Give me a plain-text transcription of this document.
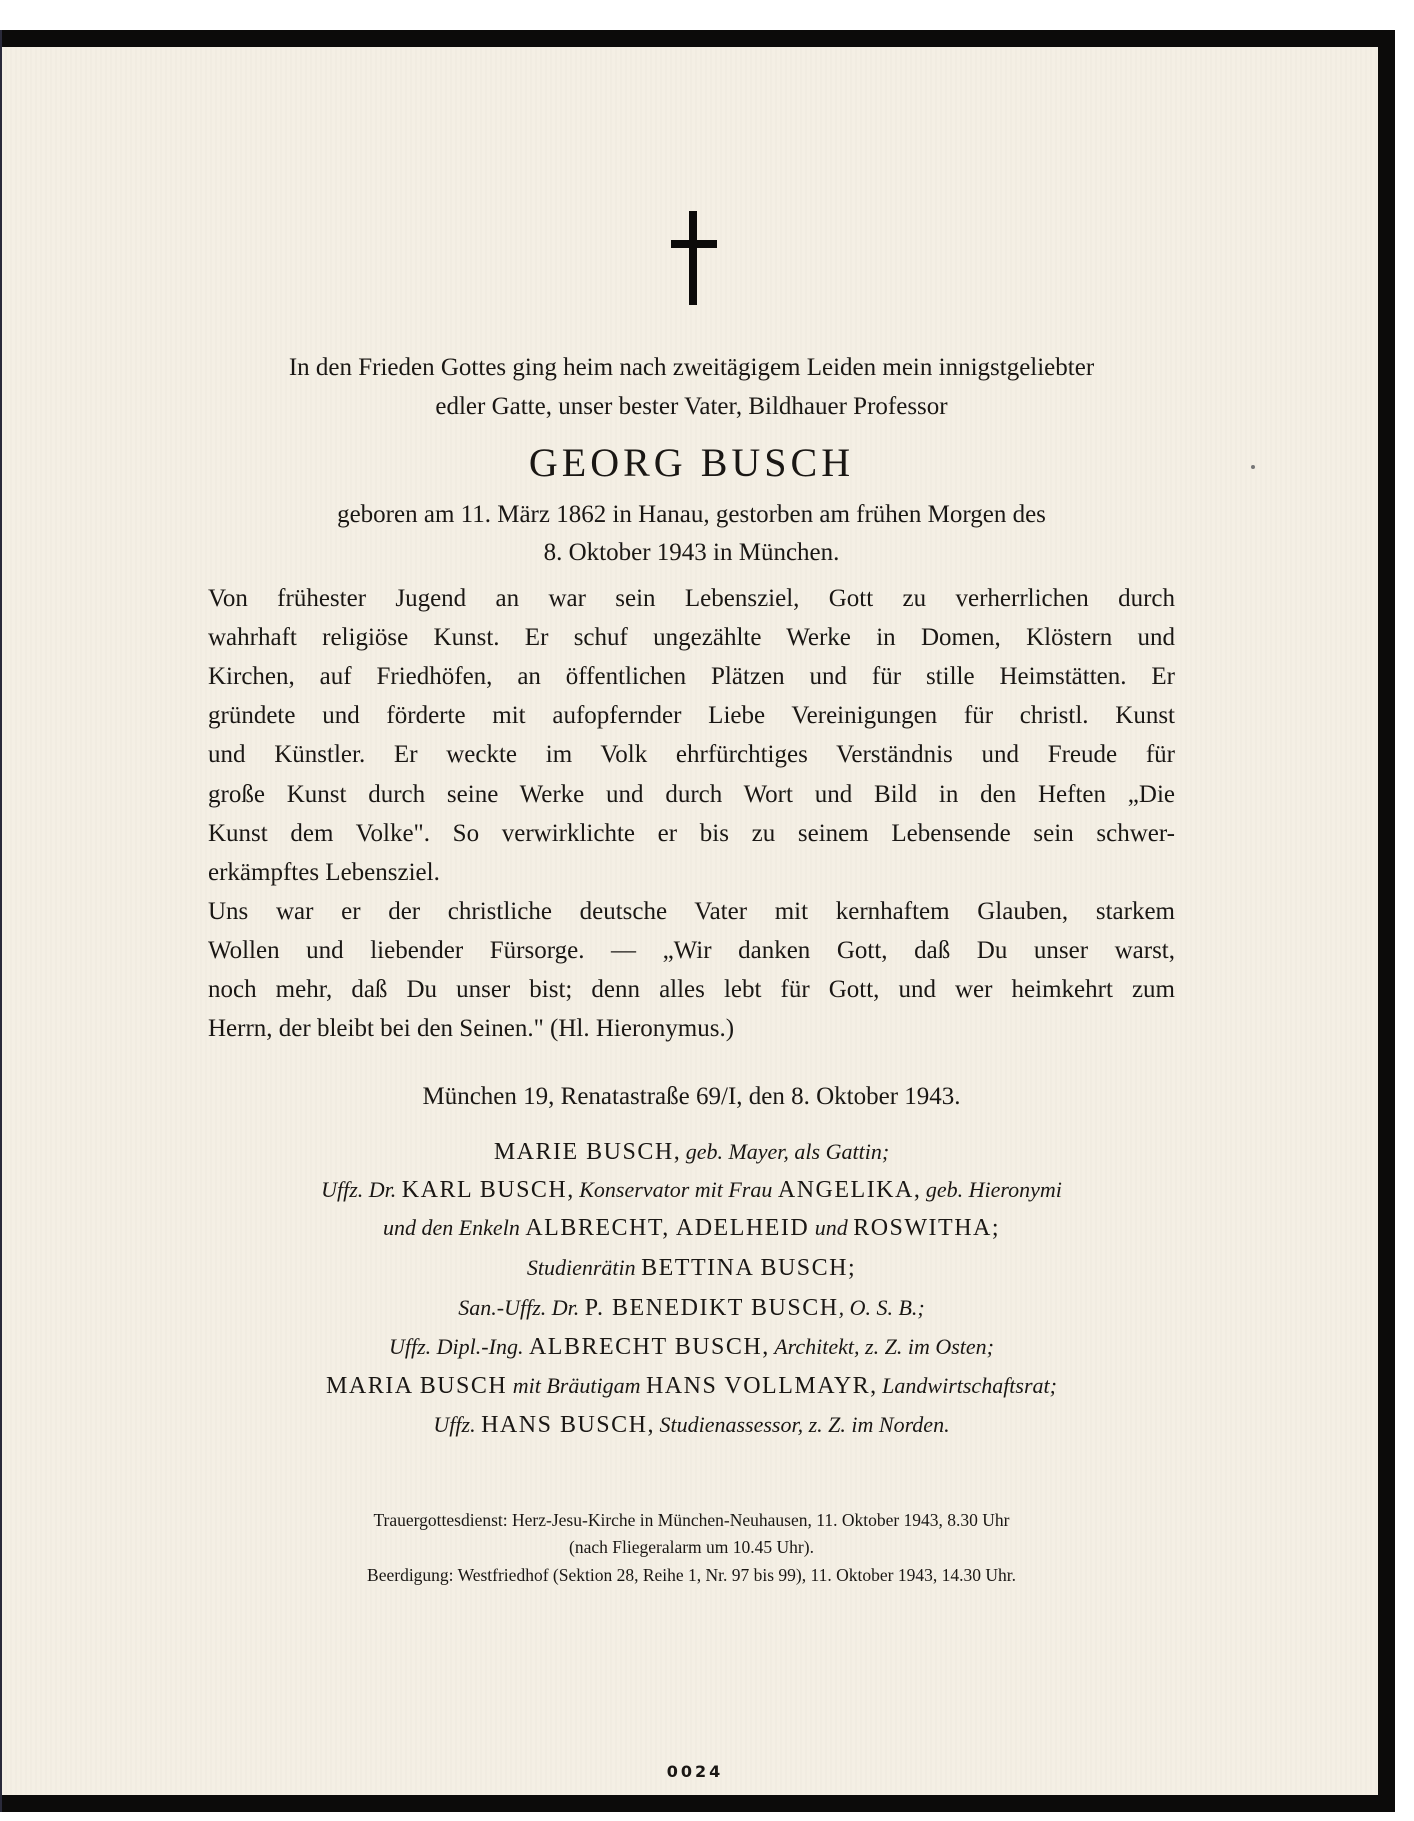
In den Frieden Gottes ging heim nach zweitägigem Leiden mein innigstgeliebter
edler Gatte, unser bester Vater, Bildhauer Professor
GEORG BUSCH
geboren am 11. März 1862 in Hanau, gestorben am frühen Morgen des
8. Oktober 1943 in München.
Von frühester Jugend an war sein Lebensziel, Gott zu verherrlichen durch
wahrhaft religiöse Kunst. Er schuf ungezählte Werke in Domen, Klöstern und
Kirchen, auf Friedhöfen, an öffentlichen Plätzen und für stille Heimstätten. Er
gründete und förderte mit aufopfernder Liebe Vereinigungen für christl. Kunst
und Künstler. Er weckte im Volk ehrfürchtiges Verständnis und Freude für
große Kunst durch seine Werke und durch Wort und Bild in den Heften „Die
Kunst dem Volke". So verwirklichte er bis zu seinem Lebensende sein schwer-
erkämpftes Lebensziel.
Uns war er der christliche deutsche Vater mit kernhaftem Glauben, starkem
Wollen und liebender Fürsorge. — „Wir danken Gott, daß Du unser warst,
noch mehr, daß Du unser bist; denn alles lebt für Gott, und wer heimkehrt zum
Herrn, der bleibt bei den Seinen." (Hl. Hieronymus.)
München 19, Renatastraße 69/I, den 8. Oktober 1943.
MARIE BUSCH, geb. Mayer, als Gattin;
Uffz. Dr. KARL BUSCH, Konservator mit Frau ANGELIKA, geb. Hieronymi
und den Enkeln ALBRECHT, ADELHEID und ROSWITHA;
Studienrätin BETTINA BUSCH;
San.-Uffz. Dr. P. BENEDIKT BUSCH, O. S. B.;
Uffz. Dipl.-Ing. ALBRECHT BUSCH, Architekt, z. Z. im Osten;
MARIA BUSCH mit Bräutigam HANS VOLLMAYR, Landwirtschaftsrat;
Uffz. HANS BUSCH, Studienassessor, z. Z. im Norden.
Trauergottesdienst: Herz-Jesu-Kirche in München-Neuhausen, 11. Oktober 1943, 8.30 Uhr
(nach Fliegeralarm um 10.45 Uhr).
Beerdigung: Westfriedhof (Sektion 28, Reihe 1, Nr. 97 bis 99), 11. Oktober 1943, 14.30 Uhr.
0024
